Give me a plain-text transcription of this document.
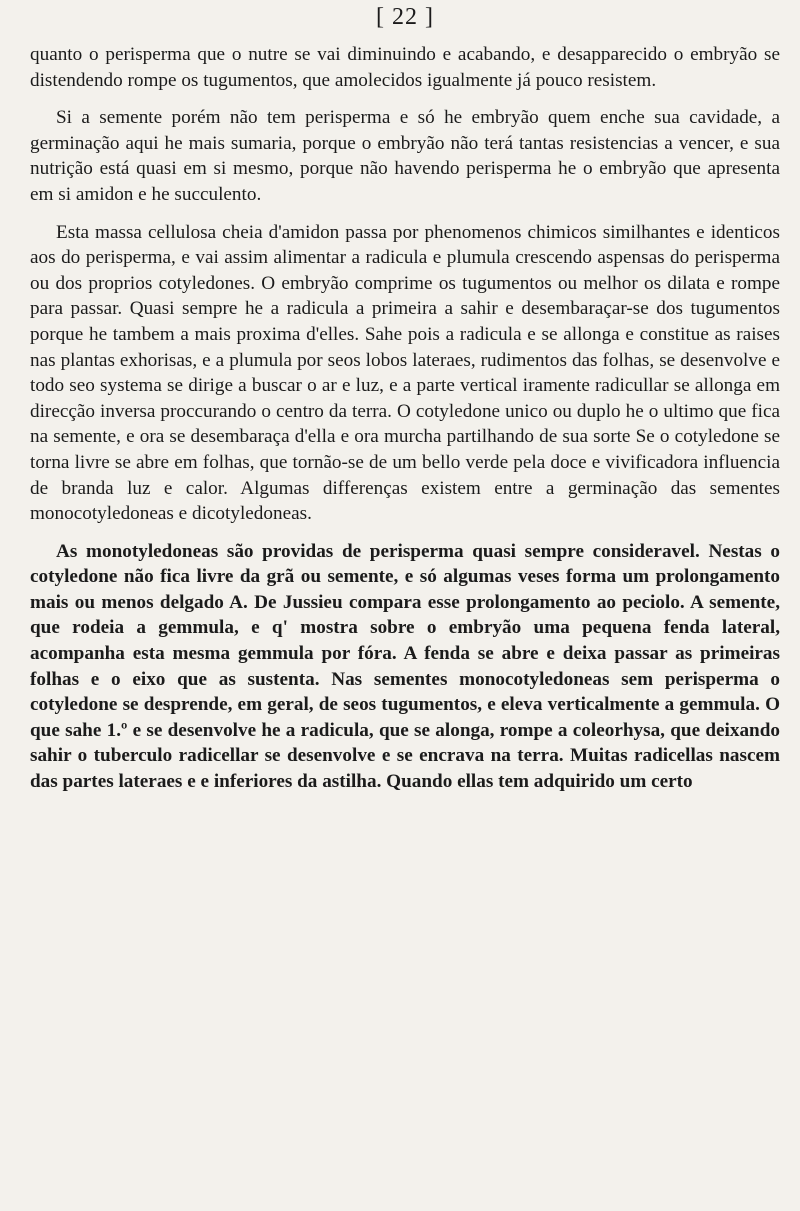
[ 22 ]

quanto o perisperma que o nutre se vai diminuindo e acabando, e desapparecido o embryão se distendendo rompe os tugumentos, que amolecidos igualmente já pouco resistem.

Si a semente porém não tem perisperma e só he embryão quem enche sua cavidade, a germinação aqui he mais sumaria, porque o embryão não terá tantas resistencias a vencer, e sua nutrição está quasi em si mesmo, porque não havendo perisperma he o embryão que apresenta em si amidon e he succulento.

Esta massa cellulosa cheia d'amidon passa por phenomenos chimicos similhantes e identicos aos do perisperma, e vai assim alimentar a radicula e plumula crescendo aspensas do perisperma ou dos proprios cotyledones. O embryão comprime os tugumentos ou melhor os dilata e rompe para passar. Quasi sempre he a radicula a primeira a sahir e desembaraçar-se dos tugumentos porque he tambem a mais proxima d'elles. Sahe pois a radicula e se allonga e constitue as raises nas plantas exhorisas, e a plumula por seos lobos lateraes, rudimentos das folhas, se desenvolve e todo seo systema se dirige a buscar o ar e luz, e a parte vertical iramente radicullar se allonga em direcção inversa proccurando o centro da terra. O cotyledone unico ou duplo he o ultimo que fica na semente, e ora se desembaraça d'ella e ora murcha partilhando de sua sorte Se o cotyledone se torna livre se abre em folhas, que tornão-se de um bello verde pela doce e vivificadora influencia de branda luz e calor. Algumas differenças existem entre a germinação das sementes monocotyledoneas e dicotyledoneas.

As monotyledoneas são providas de perisperma quasi sempre consideravel. Nestas o cotyledone não fica livre da grã ou semente, e só algumas veses forma um prolongamento mais ou menos delgado A. De Jussieu compara esse prolongamento ao peciolo. A semente, que rodeia a gemmula, e q' mostra sobre o embryão uma pequena fenda lateral, acompanha esta mesma gemmula por fóra. A fenda se abre e deixa passar as primeiras folhas e o eixo que as sustenta. Nas sementes monocotyledoneas sem perisperma o cotyledone se desprende, em geral, de seos tugumentos, e eleva verticalmente a gemmula. O que sahe 1.º e se desenvolve he a radicula, que se alonga, rompe a coleorhysa, que deixando sahir o tuberculo radicellar se desenvolve e se encrava na terra. Muitas radicellas nascem das partes lateraes e e inferiores da astilha. Quando ellas tem adquirido um certo
